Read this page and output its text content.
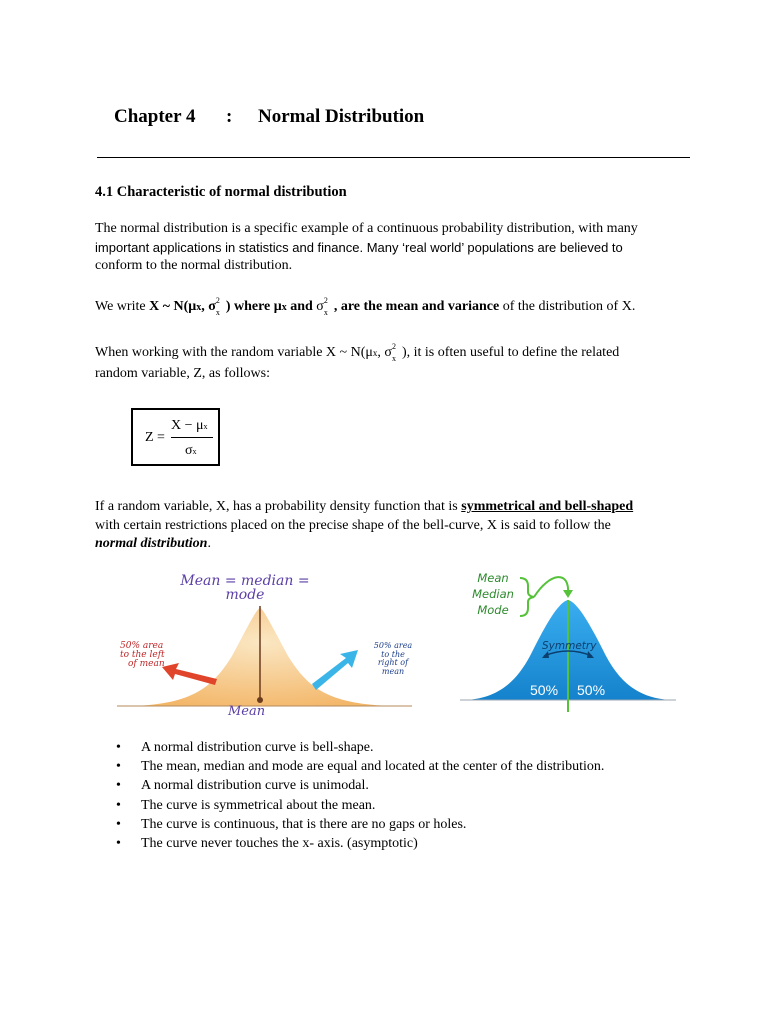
Chapter 4 : Normal Distribution
4.1 Characteristic of normal distribution
The normal distribution is a specific example of a continuous probability distribution, with many
important applications in statistics and finance. Many ‘real world’ populations are believed to
conform to the normal distribution.
We write X ~ N(μx, σ 2
x ) where μx and σ 2
x , are the mean and variance of the distribution of X.
When working with the random variable X ~ N(μx, σ 2
x ), it is often useful to define the related
random variable, Z, as follows:
Z =
X − μx
σx
If a random variable, X, has a probability density function that is symmetrical and bell-shaped
with certain restrictions placed on the precise shape of the bell-curve, X is said to follow the
normal distribution.
Mean = median =
mode
50% area
to the left
of mean
50% area
to the
right of
mean
Mean
Mean
Median
Mode
Symmetry
50% 50%
• A normal distribution curve is bell-shape.
• The mean, median and mode are equal and located at the center of the distribution.
• A normal distribution curve is unimodal.
• The curve is symmetrical about the mean.
• The curve is continuous, that is there are no gaps or holes.
• The curve never touches the x- axis. (asymptotic)
